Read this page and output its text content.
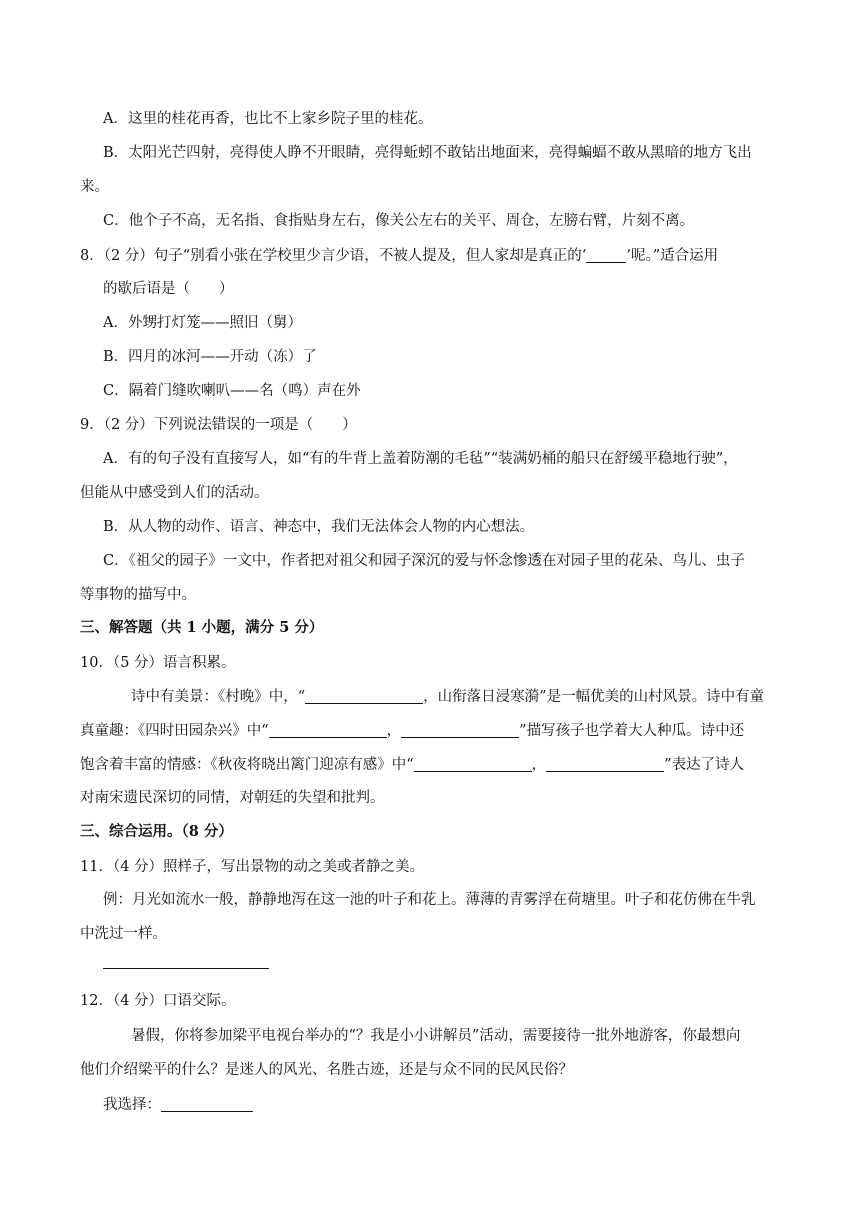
A．这里的桂花再香，也比不上家乡院子里的桂花。
B．太阳光芒四射，亮得使人睁不开眼睛，亮得蚯蚓不敢钻出地面来，亮得蝙蝠不敢从黑暗的地方飞出
来。
C．他个子不高，无名指、食指贴身左右，像关公左右的关平、周仓，左膀右臂，片刻不离。
8．（2 分）句子“别看小张在学校里少言少语，不被人提及，但人家却是真正的‘	’呢。”适合运用
的歇后语是（　　）
A．外甥打灯笼——照旧（舅）
B．四月的冰河——开动（冻）了
C．隔着门缝吹喇叭——名（鸣）声在外
9．（2 分）下列说法错误的一项是（　　）
A．有的句子没有直接写人，如“有的牛背上盖着防潮的毛毡”“装满奶桶的船只在舒缓平稳地行驶”，
但能从中感受到人们的活动。
B．从人物的动作、语言、神态中，我们无法体会人物的内心想法。
C．《祖父的园子》一文中，作者把对祖父和园子深沉的爱与怀念惨透在对园子里的花朵、鸟儿、虫子
等事物的描写中。
三、解答题（共 1 小题，满分 5 分）
10．（5 分）语言积累。
诗中有美景：《村晚》中，“	，山衔落日浸寒漪”是一幅优美的山村风景。诗中有童
真童趣：《四时田园杂兴》中“	，	”描写孩子也学着大人种瓜。诗中还
饱含着丰富的情感：《秋夜将晓出篱门迎凉有感》中“	，	”表达了诗人
对南宋遗民深切的同情，对朝廷的失望和批判。
三、综合运用。（8 分）
11．（4 分）照样子，写出景物的动之美或者静之美。
例：月光如流水一般，静静地泻在这一池的叶子和花上。薄薄的青雾浮在荷塘里。叶子和花仿佛在牛乳
中洗过一样。
12．（4 分）口语交际。
暑假，你将参加梁平电视台举办的“？我是小小讲解员”活动，需要接待一批外地游客，你最想向
他们介绍梁平的什么？是迷人的风光、名胜古迹，还是与众不同的民风民俗？
我选择：
